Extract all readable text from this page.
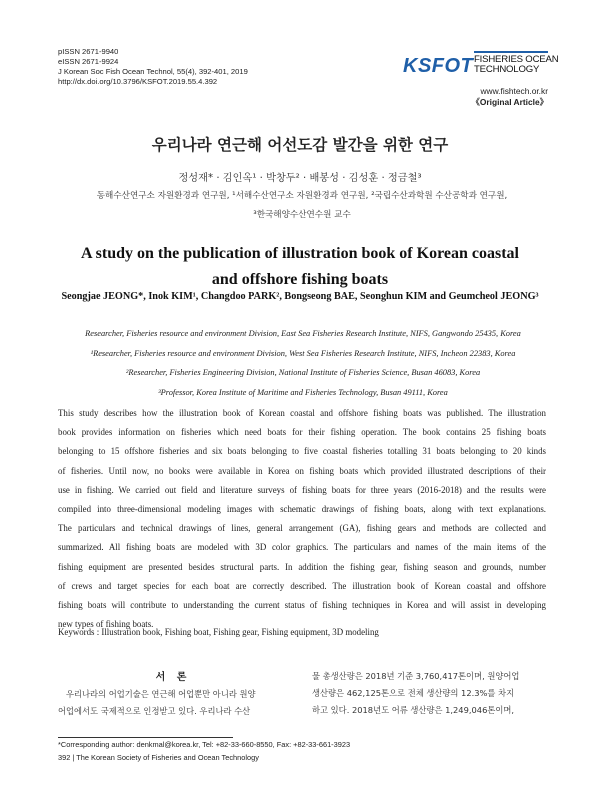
pISSN 2671-9940
eISSN 2671-9924
J Korean Soc Fish Ocean Technol, 55(4), 392-401, 2019
http://dx.doi.org/10.3796/KSFOT.2019.55.4.392
KSFOT FISHERIES OCEAN
TECHNOLOGY
www.fishtech.or.kr
《Original Article》
우리나라 연근해 어선도감 발간을 위한 연구
정성재* · 김인옥¹ · 박창두² · 배봉성 · 김성훈 · 정금철³
동해수산연구소 자원환경과 연구원, ¹서해수산연구소 자원환경과 연구원, ²국립수산과학원 수산공학과 연구원,
³한국해양수산연수원 교수
A study on the publication of illustration book of Korean coastal and offshore fishing boats
Seongjae JEONG*, Inok KIM¹, Changdoo PARK², Bongseong BAE, Seonghun KIM and Geumcheol JEONG³
Researcher, Fisheries resource and environment Division, East Sea Fisheries Research Institute, NIFS, Gangwondo 25435, Korea
¹Researcher, Fisheries resource and environment Division, West Sea Fisheries Research Institute, NIFS, Incheon 22383, Korea
²Researcher, Fisheries Engineering Division, National Institute of Fisheries Science, Busan 46083, Korea
³Professor, Korea Institute of Maritime and Fisheries Technology, Busan 49111, Korea
This study describes how the illustration book of Korean coastal and offshore fishing boats was published. The illustration
book provides information on fisheries which need boats for their fishing operation. The book contains 25 fishing boats
belonging to 15 offshore fisheries and six boats belonging to five coastal fisheries totalling 31 boats belonging to 20 kinds
of fisheries. Until now, no books were available in Korea on fishing boats which provided illustrated descriptions of their
use in fishing. We carried out field and literature surveys of fishing boats for three years (2016-2018) and the results were
compiled into three-dimensional modeling images with schematic drawings of fishing boats, along with text explanations.
The particulars and technical drawings of lines, general arrangement (GA), fishing gears and methods are collected and
summarized. All fishing boats are modeled with 3D color graphics. The particulars and names of the main items of the
fishing equipment are presented besides structural parts. In addition the fishing gear, fishing season and grounds, number
of crews and target species for each boat are correctly described. The illustration book of Korean coastal and offshore
fishing boats will contribute to understanding the current status of fishing techniques in Korea and will assist in developing
new types of fishing boats.
Keywords : Illustration book, Fishing boat, Fishing gear, Fishing equipment, 3D modeling
서 론
우리나라의 어업기술은 연근해 어업뿐만 아니라 원양
어업에서도 국제적으로 인정받고 있다. 우리나라 수산
물 총생산량은 2018년 기준 3,760,417톤이며, 원양어업
생산량은 462,125톤으로 전체 생산량의 12.3%를 차지
하고 있다. 2018년도 어류 생산량은 1,249,046톤이며,
*Corresponding author: denkmal@korea.kr, Tel: +82-33-660-8550, Fax: +82-33-661-3923
392 | The Korean Society of Fisheries and Ocean Technology
